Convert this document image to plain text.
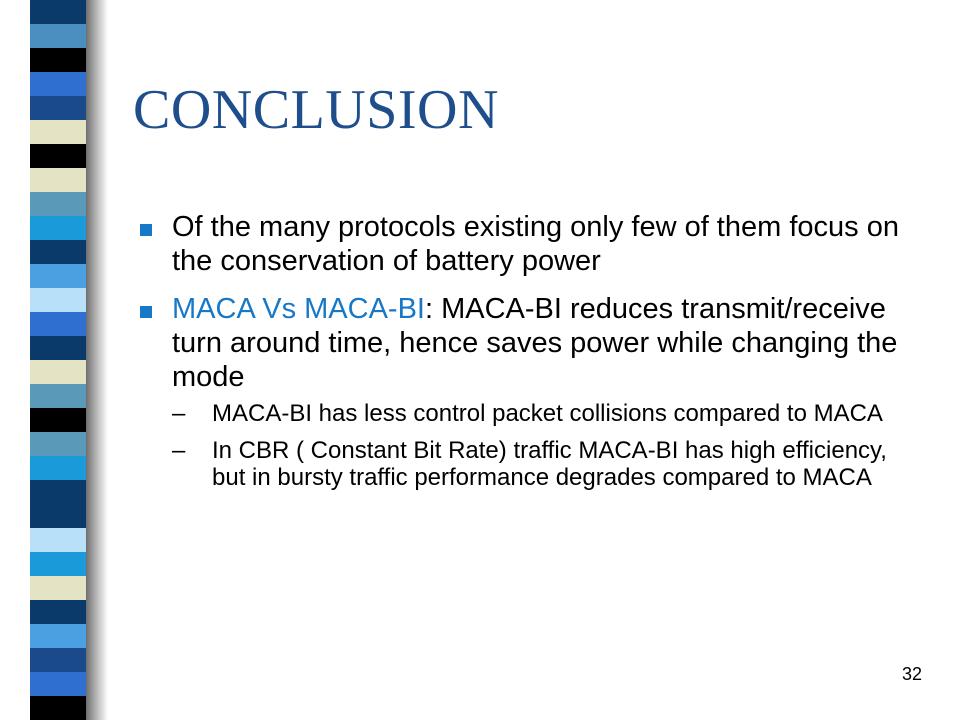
CONCLUSION
Of the many protocols existing only few of them focus on the conservation of battery power
MACA Vs MACA-BI: MACA-BI reduces transmit/receive turn around time, hence saves power while changing the mode
– MACA-BI has less control packet collisions compared to MACA
– In CBR ( Constant Bit Rate) traffic MACA-BI has high efficiency, but in bursty traffic performance degrades compared to MACA
32
